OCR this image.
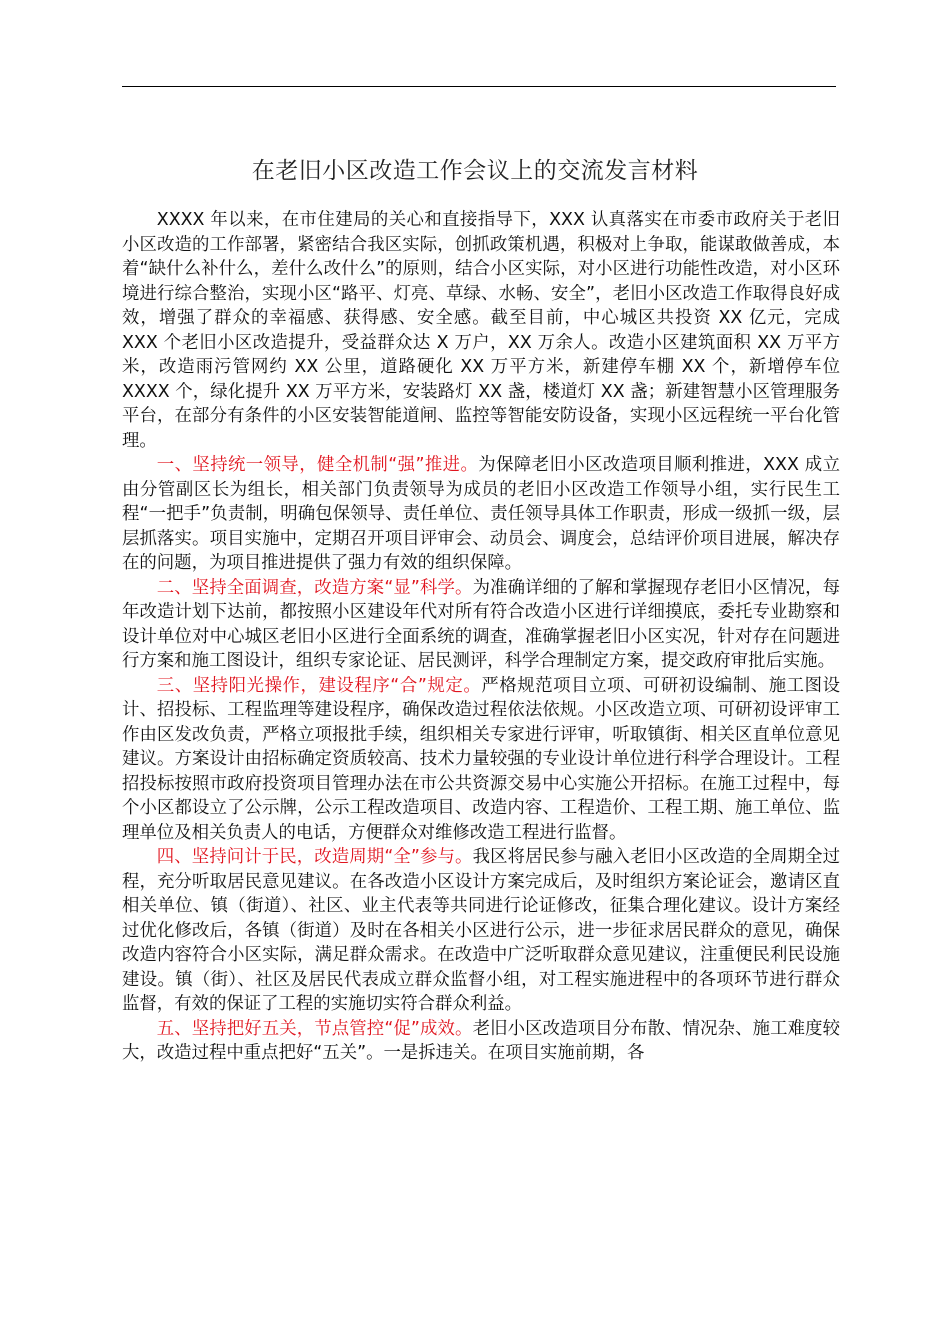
在老旧小区改造工作会议上的交流发言材料

XXXX 年以来，在市住建局的关心和直接指导下，XXX 认真落实在市委市政府关于老旧小区改造的工作部署，紧密结合我区实际，创抓政策机遇，积极对上争取，能谋敢做善成，本着“缺什么补什么，差什么改什么”的原则，结合小区实际，对小区进行功能性改造，对小区环境进行综合整治，实现小区“路平、灯亮、草绿、水畅、安全”，老旧小区改造工作取得良好成效，增强了群众的幸福感、获得感、安全感。截至目前，中心城区共投资 XX 亿元，完成 XXX 个老旧小区改造提升，受益群众达 X 万户，XX 万余人。改造小区建筑面积 XX 万平方米，改造雨污管网约 XX 公里，道路硬化 XX 万平方米，新建停车棚 XX 个，新增停车位 XXXX 个，绿化提升 XX 万平方米，安装路灯 XX 盏，楼道灯 XX 盏；新建智慧小区管理服务平台，在部分有条件的小区安装智能道闸、监控等智能安防设备，实现小区远程统一平台化管理。

一、坚持统一领导，健全机制“强”推进。为保障老旧小区改造项目顺利推进，XXX 成立由分管副区长为组长，相关部门负责领导为成员的老旧小区改造工作领导小组，实行民生工程“一把手”负责制，明确包保领导、责任单位、责任领导具体工作职责，形成一级抓一级，层层抓落实。项目实施中，定期召开项目评审会、动员会、调度会，总结评价项目进展，解决存在的问题，为项目推进提供了强力有效的组织保障。

二、坚持全面调查，改造方案“显”科学。为准确详细的了解和掌握现存老旧小区情况，每年改造计划下达前，都按照小区建设年代对所有符合改造小区进行详细摸底，委托专业勘察和设计单位对中心城区老旧小区进行全面系统的调查，准确掌握老旧小区实况，针对存在问题进行方案和施工图设计，组织专家论证、居民测评，科学合理制定方案，提交政府审批后实施。

三、坚持阳光操作，建设程序“合”规定。严格规范项目立项、可研初设编制、施工图设计、招投标、工程监理等建设程序，确保改造过程依法依规。小区改造立项、可研初设评审工作由区发改负责，严格立项报批手续，组织相关专家进行评审，听取镇街、相关区直单位意见建议。方案设计由招标确定资质较高、技术力量较强的专业设计单位进行科学合理设计。工程招投标按照市政府投资项目管理办法在市公共资源交易中心实施公开招标。在施工过程中，每个小区都设立了公示牌，公示工程改造项目、改造内容、工程造价、工程工期、施工单位、监理单位及相关负责人的电话，方便群众对维修改造工程进行监督。

四、坚持问计于民，改造周期“全”参与。我区将居民参与融入老旧小区改造的全周期全过程，充分听取居民意见建议。在各改造小区设计方案完成后，及时组织方案论证会，邀请区直相关单位、镇（街道）、社区、业主代表等共同进行论证修改，征集合理化建议。设计方案经过优化修改后，各镇（街道）及时在各相关小区进行公示，进一步征求居民群众的意见，确保改造内容符合小区实际，满足群众需求。在改造中广泛听取群众意见建议，注重便民利民设施建设。镇（街）、社区及居民代表成立群众监督小组，对工程实施进程中的各项环节进行群众监督，有效的保证了工程的实施切实符合群众利益。

五、坚持把好五关，节点管控“促”成效。老旧小区改造项目分布散、情况杂、施工难度较大，改造过程中重点把好“五关”。一是拆违关。在项目实施前期，各
